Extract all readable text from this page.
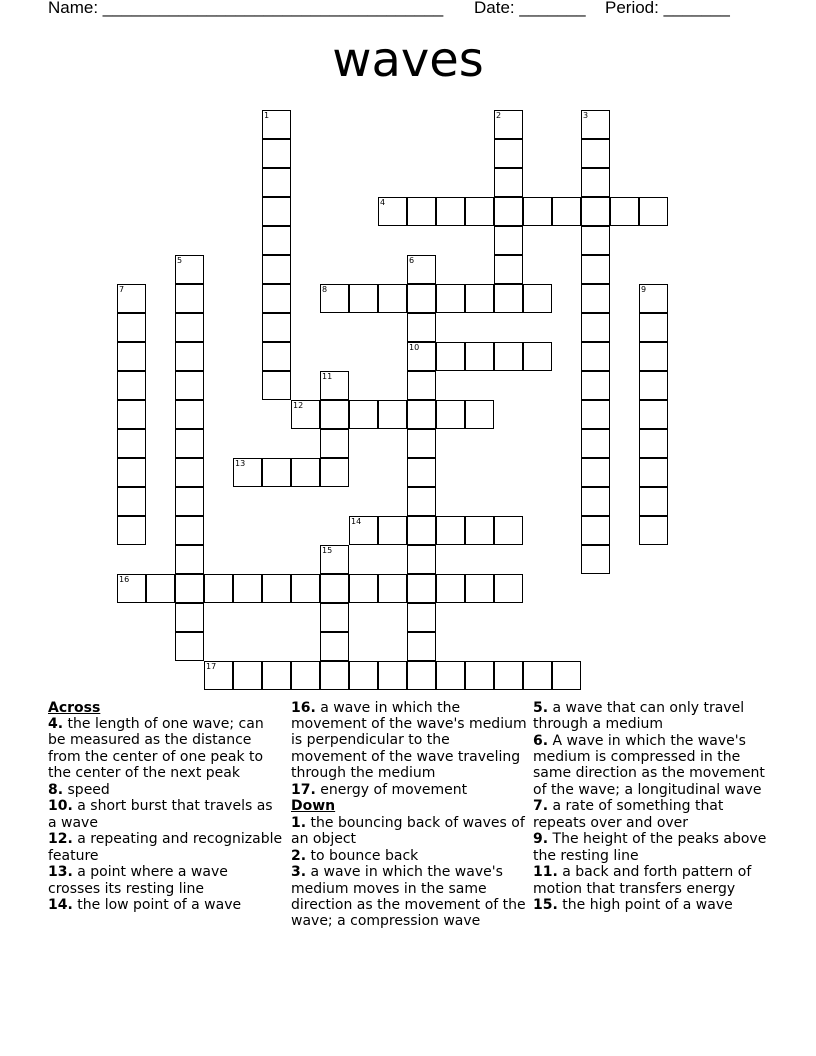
Name: ____________________________________ Date: _______ Period: _______
waves
1	2	3
4
5	6
7	8	9
10
11
12
13
14
15
16
17

Across

4. the length of one wave; can be measured as the distance from the center of one peak to the center of the next peak

8. speed

10. a short burst that travels as a wave

12. a repeating and recognizable feature

13. a point where a wave crosses its resting line

14. the low point of a wave

16. a wave in which the movement of the wave's medium is perpendicular to the movement of the wave traveling through the medium

17. energy of movement

Down

1. the bouncing back of waves of an object

2. to bounce back

3. a wave in which the wave's medium moves in the same direction as the movement of the wave; a compression wave

5. a wave that can only travel through a medium

6. A wave in which the wave's medium is compressed in the same direction as the movement of the wave; a longitudinal wave

7. a rate of something that repeats over and over

9. The height of the peaks above the resting line

11. a back and forth pattern of motion that transfers energy

15. the high point of a wave
